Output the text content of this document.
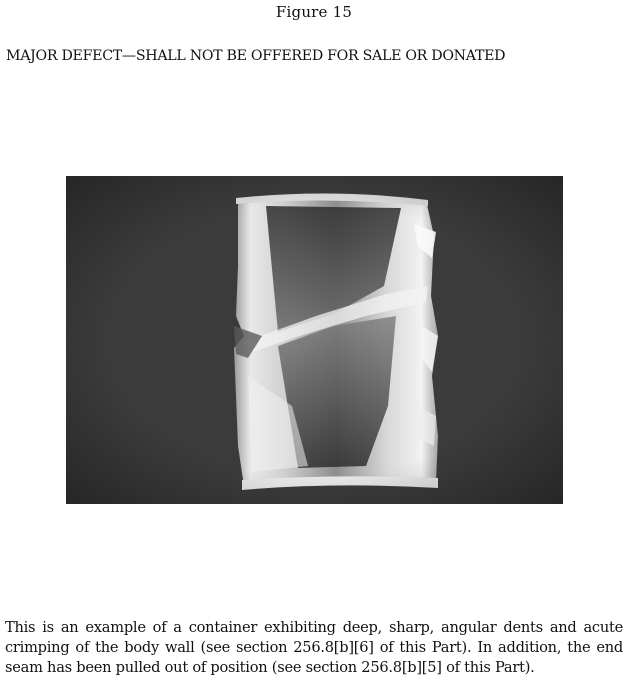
Figure 15
MAJOR DEFECT—SHALL NOT BE OFFERED FOR SALE OR DONATED
This is an example of a container exhibiting deep, sharp, angular dents and acute crimping of the body wall (see section 256.8[b][6] of this Part). In addition, the end seam has been pulled out of position (see section 256.8[b][5] of this Part).
